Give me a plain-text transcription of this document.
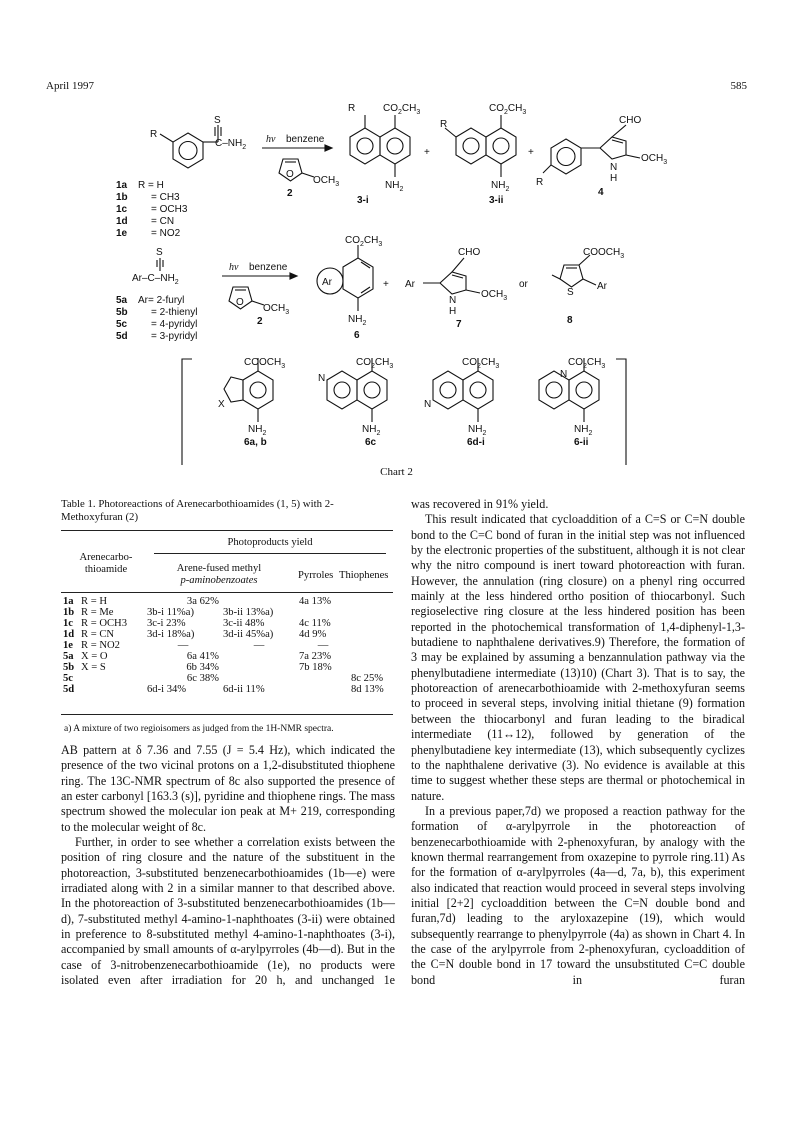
April 1997	585
R
S
$C-NH_2$
hν benzene
O
$OCH_3$
2
R	$CO_2CH_3$
$NH_2$
3-i
+
R
$CO_2CH_3$
$NH_2$
3-ii
+
CHO
$OCH_3$
N
H
R
4
1a R = H
1b = CH3
1c = OCH3
1d = CN
1e = NO2
S
$Ar-C-NH_2$
hν benzene
O
$OCH_3$
2
Ar
$CO_2CH_3$
$NH_2$
6
+ Ar
CHO
$OCH_3$
N
H
7
or
$COOCH_3$
S
Ar
8
5a Ar= 2-furyl
5b = 2-thienyl
5c = 4-pyridyl
5d = 3-pyridyl
$COOCH_3$
X
$NH_2$
6a, b
$CO_2CH_3$
N
$NH_2$
6c
$CO_2CH_3$
N
$NH_2$
6d-i
$CO_2CH_3$
N
$NH_2$
6-ii
Chart 2
Table 1. Photoreactions of Arenecarbothioamides (1, 5) with 2-Methoxyfuran (2)
Photoproducts yield
Arenecarbo-
thioamide	Arene-fused methyl
p-aminobenzoates	Pyrroles Thiophenes
1a	R = H	3a 62%		4a 13%	
1b	R = Me	3b-i 11%a)	3b-ii 13%a)		
1c	R = OCH3	3c-i 23%	3c-ii 48%	4c 11%	
1d	R = CN	3d-i 18%a)	3d-ii 45%a)	4d 9%	
1e	R = NO2	—	—	—	
5a	X = O	6a 41%		7a 23%	
5b	X = S	6b 34%		7b 18%	
5c		6c 38%			8c 25%
5d		6d-i 34%	6d-ii 11%		8d 13%
a) A mixture of two regioisomers as judged from the 1H-NMR spectra.

AB pattern at δ 7.36 and 7.55 (J = 5.4 Hz), which indicated the presence of the two vicinal protons on a 1,2-disubstituted thiophene ring. The 13C-NMR spectrum of 8c also supported the presence of an ester carbonyl [163.3 (s)], pyridine and thiophene rings. The mass spectrum showed the molecular ion peak at M+ 219, corresponding to the molecular weight of 8c.

Further, in order to see whether a correlation exists between the position of ring closure and the nature of the substituent in the photoreaction, 3-substituted benzenecarbothioamides (1b—e) were irradiated along with 2 in a similar manner to that described above. In the photoreaction of 3-substituted benzenecarbothioamides (1b—d), 7-substituted methyl 4-amino-1-naphthoates (3-ii) were obtained in preference to 8-substituted methyl 4-amino-1-naphthoates (3-i), accompanied by small amounts of α-arylpyrroles (4b—d). But in the case of 3-nitrobenzenecarbothioamide (1e), no products were isolated even after irradiation for 20 h, and unchanged 1e

was recovered in 91% yield.

This result indicated that cycloaddition of a C=S or C=N double bond to the C=C bond of furan in the initial step was not influenced by the electronic properties of the substituent, although it is not clear why the nitro compound is inert toward photoreaction with furan. However, the annulation (ring closure) on a phenyl ring occurred mainly at the less hindered ortho position of thiocarbonyl. Such regioselective ring closure at the less hindered position has been reported in the photochemical transformation of 1,4-diphenyl-1,3-butadiene to naphthalene derivatives.9) Therefore, the formation of 3 may be explained by assuming a benzannulation pathway via the phenylbutadiene intermediate (13)10) (Chart 3). That is to say, the photoreaction of arenecarbothioamide with 2-methoxyfuran seems to proceed in several steps, involving initial thietane (9) formation between the thiocarbonyl and furan leading to the biradical intermediate (11↔12), followed by generation of the phenylbutadiene key intermediate (13), which subsequently cyclizes to the naphthalene derivative (3). No evidence is available at this time to suggest whether these steps are thermal or photochemical in nature.

In a previous paper,7d) we proposed a reaction pathway for the formation of α-arylpyrrole in the photoreaction of benzenecarbothioamide with 2-phenoxyfuran, by analogy with the known thermal rearrangement from oxazepine to pyrrole ring.11) As for the formation of α-arylpyrroles (4a—d, 7a, b), this experiment also indicated that reaction would proceed in several steps involving initial [2+2] cycloaddition between the C=N double bond and furan,7d) leading to the aryloxazepine (19), which would subsequently rearrange to phenylpyrrole (4a) as shown in Chart 4. In the case of the arylpyrrole from 2-phenoxyfuran, cycloaddition of the C=N double bond in 17 toward the unsubstituted C=C double bond in furan
